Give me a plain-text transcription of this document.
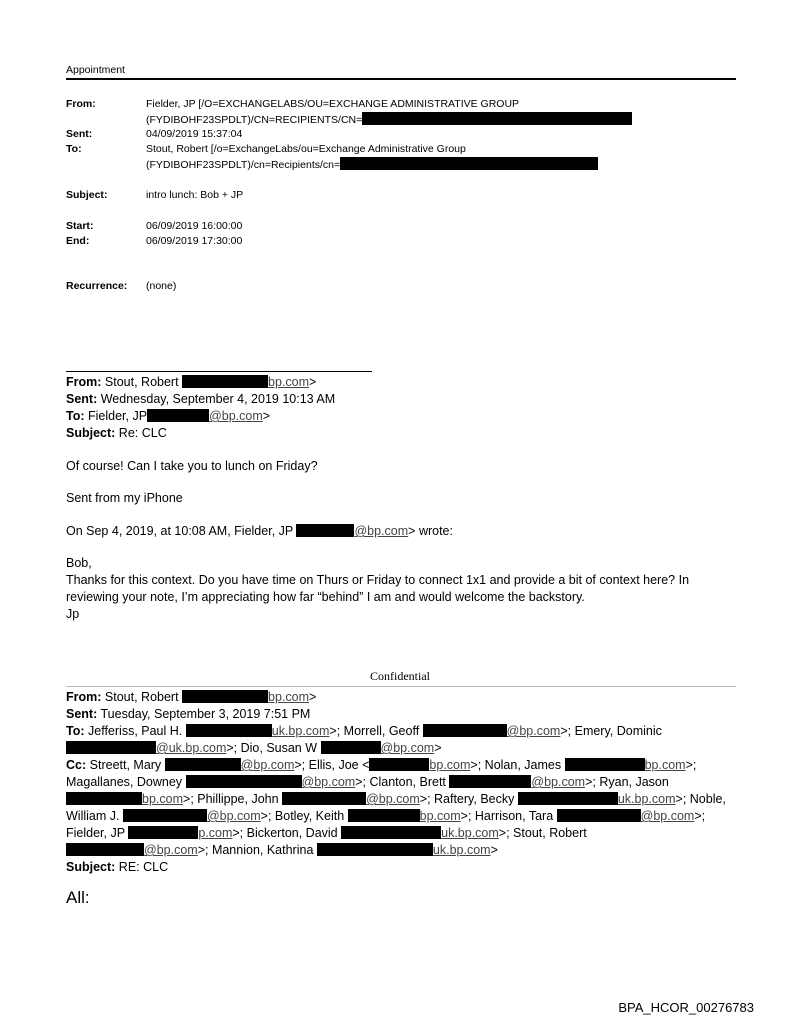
Appointment
From:	Fielder, JP [/O=EXCHANGELABS/OU=EXCHANGE ADMINISTRATIVE GROUP
(FYDIBOHF23SPDLT)/CN=RECIPIENTS/CN=
Sent:	04/09/2019 15:37:04
To:	Stout, Robert [/o=ExchangeLabs/ou=Exchange Administrative Group
(FYDIBOHF23SPDLT)/cn=Recipients/cn=
Subject:	intro lunch: Bob + JP
Start:	06/09/2019 16:00:00
End:	06/09/2019 17:30:00
Recurrence: (none)
From: Stout, Robert	bp.com>
Sent: Wednesday, September 4, 2019 10:13 AM
To: Fielder, JP	@bp.com>
Subject: Re: CLC
Of course! Can I take you to lunch on Friday?
Sent from my iPhone
On Sep 4, 2019, at 10:08 AM, Fielder, JP	@bp.com> wrote:
Bob,
Thanks for this context. Do you have time on Thurs or Friday to connect 1x1 and provide a bit of context here? In
reviewing your note, I’m appreciating how far “behind” I am and would welcome the backstory.
Jp
Confidential
From: Stout, Robert	bp.com>
Sent: Tuesday, September 3, 2019 7:51 PM
To: Jefferiss, Paul H.	uk.bp.com>; Morrell, Geoff	@bp.com>; Emery, Dominic
@uk.bp.com>; Dio, Susan W	@bp.com>
Cc: Streett, Mary	@bp.com>; Ellis, Joe <	bp.com>; Nolan, James	bp.com>;
Magallanes, Downey	@bp.com>; Clanton, Brett	@bp.com>; Ryan, Jason
bp.com>; Phillippe, John	@bp.com>; Raftery, Becky	uk.bp.com>; Noble,
William J.	@bp.com>; Botley, Keith	bp.com>; Harrison, Tara	@bp.com>;
Fielder, JP	p.com>; Bickerton, David	uk.bp.com>; Stout, Robert
@bp.com>; Mannion, Kathrina	uk.bp.com>
Subject: RE: CLC
All:
BPA_HCOR_00276783
